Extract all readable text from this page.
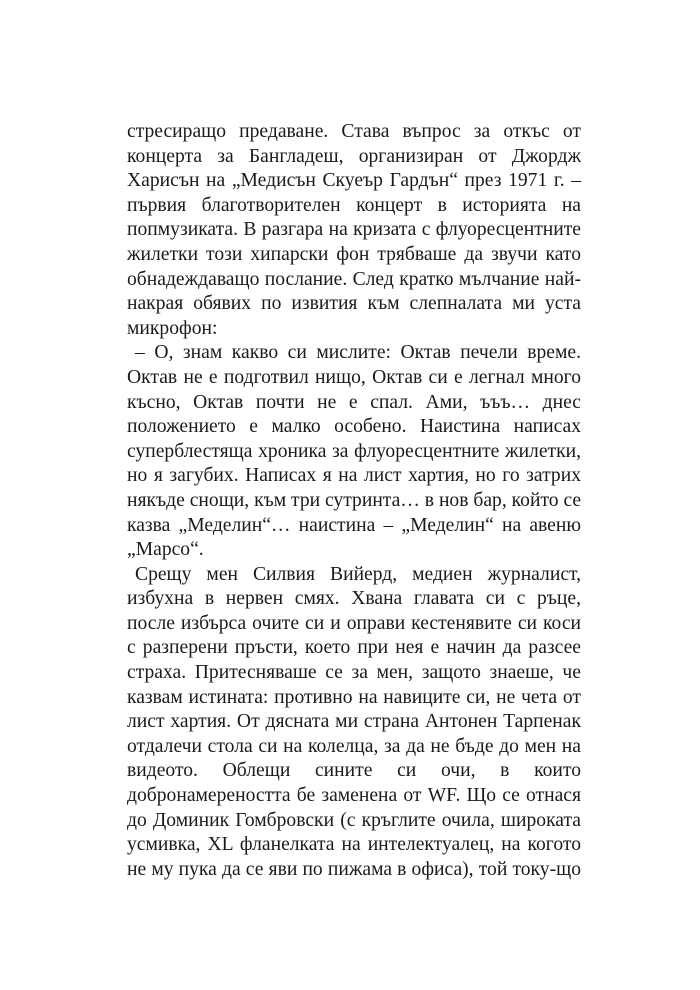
стресиращо предаване. Става въпрос за откъс от
концерта за Бангладеш, организиран от Джордж
Харисън на „Медисън Скуеър Гардън“ през 1971 г. –
първия благотворителен концерт в историята на
попмузиката. В разгара на кризата с флуоресцентните
жилетки този хипарски фон трябваше да звучи като
обнадеждаващо послание. След кратко мълчание най-
накрая обявих по извития към слепналата ми уста
микрофон:
– О, знам какво си мислите: Октав печели време.
Октав не е подготвил нищо, Октав си е легнал много
късно, Октав почти не е спал. Ами, ъъъ… днес
положението е малко особено. Наистина написах
суперблестяща хроника за флуоресцентните жилетки,
но я загубих. Написах я на лист хартия, но го затрих
някъде снощи, към три сутринта… в нов бар, който се
казва „Меделин“… наистина – „Меделин“ на авеню
„Марсо“.
Срещу мен Силвия Вийерд, медиен журналист,
избухна в нервен смях. Хвана главата си с ръце,
после избърса очите си и оправи кестенявите си коси
с разперени пръсти, което при нея е начин да разсее
страха. Притесняваше се за мен, защото знаеше, че
казвам истината: противно на навиците си, не чета от
лист хартия. От дясната ми страна Антонен Тарпенак
отдалечи стола си на колелца, за да не бъде до мен на
видеото. Облещи сините си очи, в които
добронамереността бе заменена от WF. Що се отнася
до Доминик Гомбровски (с кръглите очила, широката
усмивка, XL фланелката на интелектуалец, на когото
не му пука да се яви по пижама в офиса), той току-що
